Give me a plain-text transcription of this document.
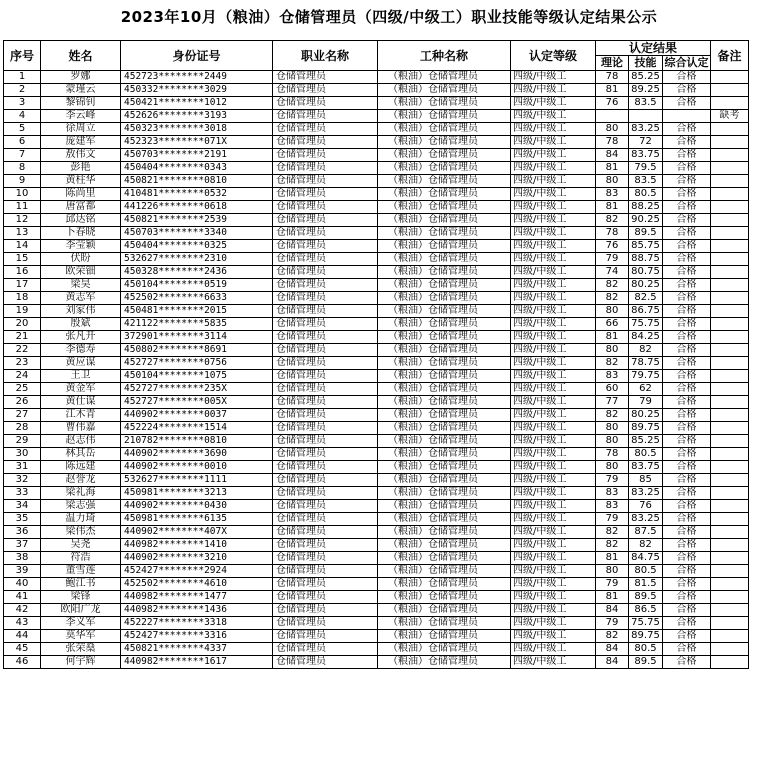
2023年10月（粮油）仓储管理员（四级/中级工）职业技能等级认定结果公示
序号	姓名	身份证号	职业名称	工种名称	认定等级	认定结果			备注
						理论	技能	综合认定	
1	罗娜	452723********2449	仓储管理员	（粮油）仓储管理员	四级/中级工	78	85.25	合格	
2	蒙瑾云	450332********3029	仓储管理员	（粮油）仓储管理员	四级/中级工	81	89.25	合格	
3	黎锦钊	450421********1012	仓储管理员	（粮油）仓储管理员	四级/中级工	76	83.5	合格	
4	李云峰	452626********3193	仓储管理员	（粮油）仓储管理员	四级/中级工				缺考
5	徐周立	450323********3018	仓储管理员	（粮油）仓储管理员	四级/中级工	80	83.25	合格	
6	庞建军	452323********071X	仓储管理员	（粮油）仓储管理员	四级/中级工	78	72	合格	
7	敖伟文	450703********2191	仓储管理员	（粮油）仓储管理员	四级/中级工	84	83.75	合格	
8	彭艳	450404********0343	仓储管理员	（粮油）仓储管理员	四级/中级工	81	79.5	合格	
9	黄柱华	450821********0810	仓储管理员	（粮油）仓储管理员	四级/中级工	80	83.5	合格	
10	陈尚里	410481********0532	仓储管理员	（粮油）仓储管理员	四级/中级工	83	80.5	合格	
11	唐富都	441226********0618	仓储管理员	（粮油）仓储管理员	四级/中级工	81	88.25	合格	
12	邱达铭	450821********2539	仓储管理员	（粮油）仓储管理员	四级/中级工	82	90.25	合格	
13	卜春晓	450703********3340	仓储管理员	（粮油）仓储管理员	四级/中级工	78	89.5	合格	
14	李莹颖	450404********0325	仓储管理员	（粮油）仓储管理员	四级/中级工	76	85.75	合格	
15	伏盼	532627********2310	仓储管理员	（粮油）仓储管理员	四级/中级工	79	88.75	合格	
16	欧荣钿	450328********2436	仓储管理员	（粮油）仓储管理员	四级/中级工	74	80.75	合格	
17	梁昊	450104********0519	仓储管理员	（粮油）仓储管理员	四级/中级工	82	80.25	合格	
18	黄志军	452502********6633	仓储管理员	（粮油）仓储管理员	四级/中级工	82	82.5	合格	
19	刘家伟	450481********2015	仓储管理员	（粮油）仓储管理员	四级/中级工	80	86.75	合格	
20	殷斌	421122********5835	仓储管理员	（粮油）仓储管理员	四级/中级工	66	75.75	合格	
21	张凡开	372901********3114	仓储管理员	（粮油）仓储管理员	四级/中级工	81	84.25	合格	
22	李德寿	450802********8691	仓储管理员	（粮油）仓储管理员	四级/中级工	80	82	合格	
23	黄应谋	452727********0756	仓储管理员	（粮油）仓储管理员	四级/中级工	82	78.75	合格	
24	王卫	450104********1075	仓储管理员	（粮油）仓储管理员	四级/中级工	83	79.75	合格	
25	黄金军	452727********235X	仓储管理员	（粮油）仓储管理员	四级/中级工	60	62	合格	
26	黄仕谋	452727********005X	仓储管理员	（粮油）仓储管理员	四级/中级工	77	79	合格	
27	江木青	440902********0037	仓储管理员	（粮油）仓储管理员	四级/中级工	82	80.25	合格	
28	曹伟嘉	452224********1514	仓储管理员	（粮油）仓储管理员	四级/中级工	80	89.75	合格	
29	赵志伟	210782********0810	仓储管理员	（粮油）仓储管理员	四级/中级工	80	85.25	合格	
30	林其岳	440902********3690	仓储管理员	（粮油）仓储管理员	四级/中级工	78	80.5	合格	
31	陈远建	440902********0010	仓储管理员	（粮油）仓储管理员	四级/中级工	80	83.75	合格	
32	赵誉龙	532627********1111	仓储管理员	（粮油）仓储管理员	四级/中级工	79	85	合格	
33	梁礼海	450981********3213	仓储管理员	（粮油）仓储管理员	四级/中级工	83	83.25	合格	
34	梁志强	440902********0430	仓储管理员	（粮油）仓储管理员	四级/中级工	83	76	合格	
35	温力琦	450981********6135	仓储管理员	（粮油）仓储管理员	四级/中级工	79	83.25	合格	
36	梁伟杰	440902********407X	仓储管理员	（粮油）仓储管理员	四级/中级工	82	87.5	合格	
37	吴尧	440982********1410	仓储管理员	（粮油）仓储管理员	四级/中级工	82	82	合格	
38	符浩	440902********3210	仓储管理员	（粮油）仓储管理员	四级/中级工	81	84.75	合格	
39	董雪莲	452427********2924	仓储管理员	（粮油）仓储管理员	四级/中级工	80	80.5	合格	
40	鲍江书	452502********4610	仓储管理员	（粮油）仓储管理员	四级/中级工	79	81.5	合格	
41	梁锋	440982********1477	仓储管理员	（粮油）仓储管理员	四级/中级工	81	89.5	合格	
42	欧阳广龙	440982********1436	仓储管理员	（粮油）仓储管理员	四级/中级工	84	86.5	合格	
43	李义军	452227********3318	仓储管理员	（粮油）仓储管理员	四级/中级工	79	75.75	合格	
44	莫华军	452427********3316	仓储管理员	（粮油）仓储管理员	四级/中级工	82	89.75	合格	
45	张荣燊	450821********4337	仓储管理员	（粮油）仓储管理员	四级/中级工	84	80.5	合格	
46	何宇辉	440982********1617	仓储管理员	（粮油）仓储管理员	四级/中级工	84	89.5	合格	
